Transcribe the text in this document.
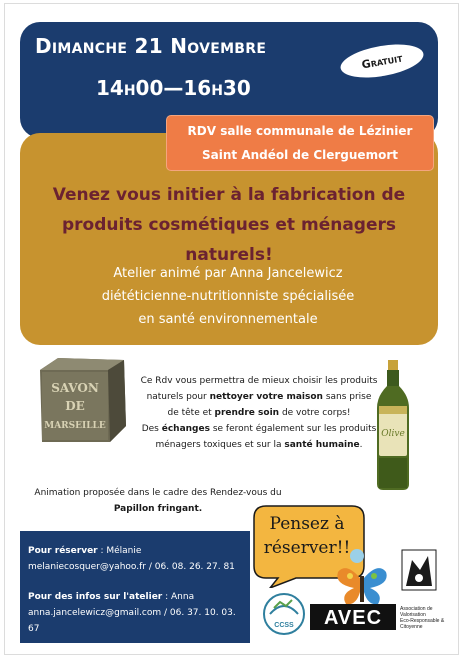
Dimanche 21 Novembre
14h00—16h30
Gratuit
RDV salle communale de Lézinier
Saint Andéol de Clerguemort

Venez vous initier à la fabrication de produits cosmétiques et ménagers naturels!

Atelier animé par Anna Jancelewicz
diététicienne-nutritionniste spécialisée
en santé environnementale
SAVON
DE
MARSEILLE
Olive
Ce Rdv vous permettra de mieux choisir les produits naturels pour nettoyer votre maison sans prise de tête et prendre soin de votre corps!
Des échanges se feront également sur les produits ménagers toxiques et sur la santé humaine.
Animation proposée dans le cadre des Rendez-vous du
Papillon fringant.
Pour réserver : Mélanie
melaniecosquer@yahoo.fr / 06. 08. 26. 27. 81
Pour des infos sur l'atelier : Anna
anna.jancelewicz@gmail.com / 06. 37. 10. 03. 67
Pensez à
réserver!!
CCSS AVEC	Association de
Valorisation
Eco-Responsable &
Citoyenne
